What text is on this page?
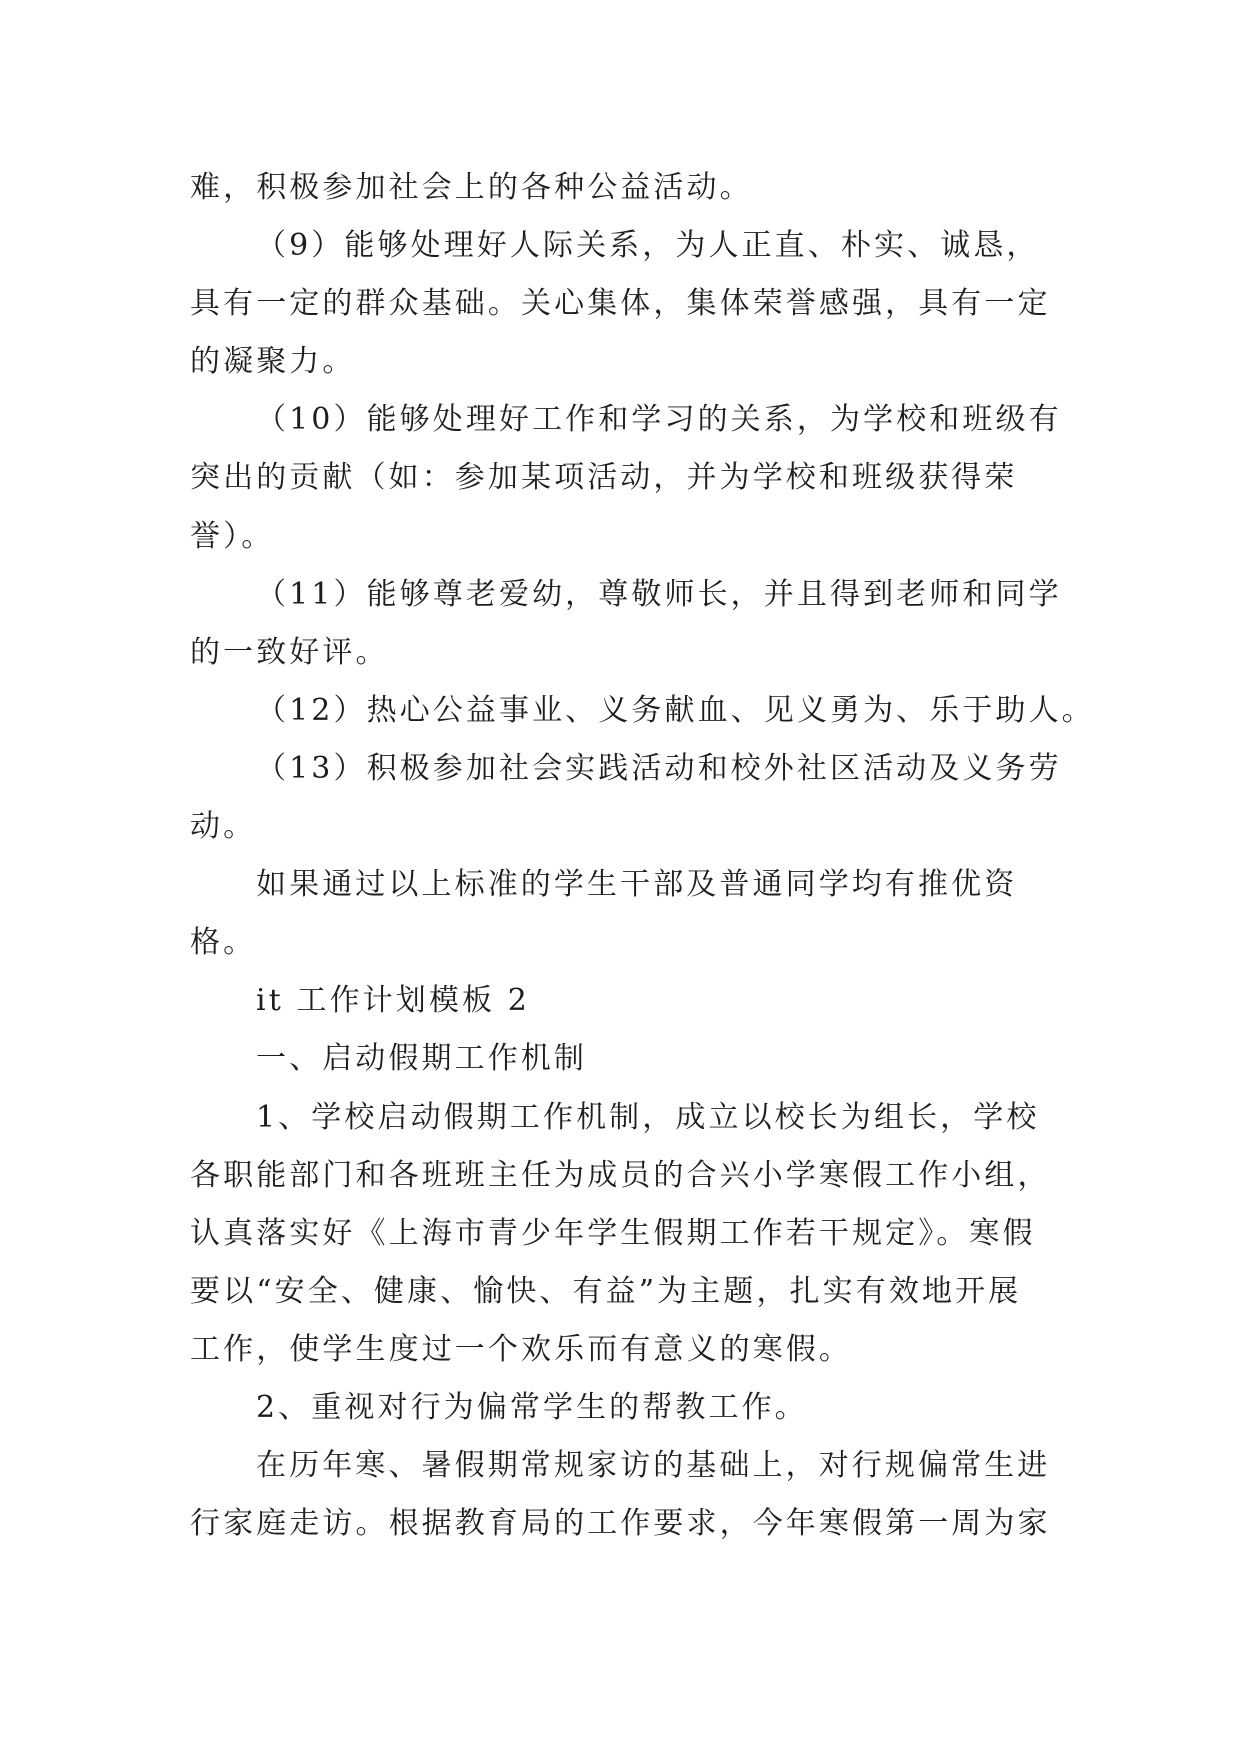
难，积极参加社会上的各种公益活动。
（9）能够处理好人际关系，为人正直、朴实、诚恳，
具有一定的群众基础。关心集体，集体荣誉感强，具有一定
的凝聚力。
（10）能够处理好工作和学习的关系，为学校和班级有
突出的贡献（如：参加某项活动，并为学校和班级获得荣
誉）。
（11）能够尊老爱幼，尊敬师长，并且得到老师和同学
的一致好评。
（12）热心公益事业、义务献血、见义勇为、乐于助人。
（13）积极参加社会实践活动和校外社区活动及义务劳
动。
如果通过以上标准的学生干部及普通同学均有推优资
格。
it 工作计划模板 2
一、启动假期工作机制
1、学校启动假期工作机制，成立以校长为组长，学校
各职能部门和各班班主任为成员的合兴小学寒假工作小组，
认真落实好《上海市青少年学生假期工作若干规定》。寒假
要以“安全、健康、愉快、有益”为主题，扎实有效地开展
工作，使学生度过一个欢乐而有意义的寒假。
2、重视对行为偏常学生的帮教工作。
在历年寒、暑假期常规家访的基础上，对行规偏常生进
行家庭走访。根据教育局的工作要求，今年寒假第一周为家
